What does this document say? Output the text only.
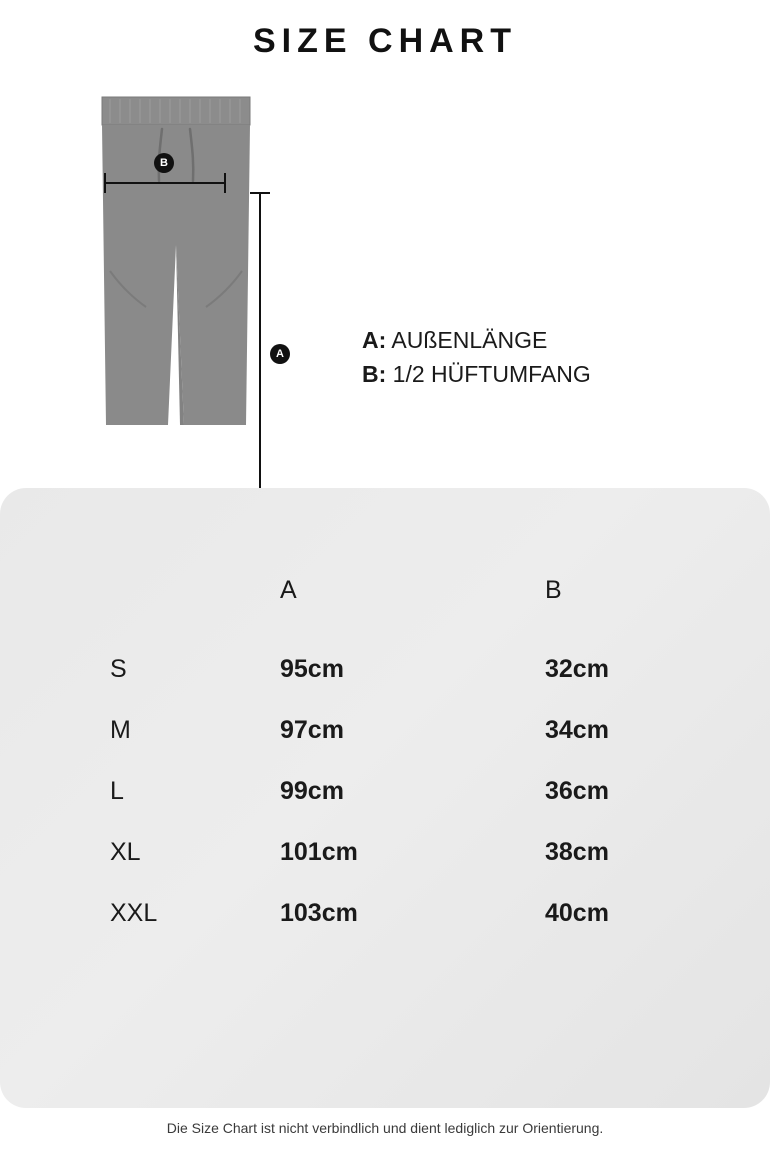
SIZE CHART
B
A
A: AUßENLÄNGE
B: 1/2 HÜFTUMFANG
	A	B
S	95cm	32cm
M	97cm	34cm
L	99cm	36cm
XL	101cm	38cm
XXL	103cm	40cm
Die Size Chart ist nicht verbindlich und dient lediglich zur Orientierung.
